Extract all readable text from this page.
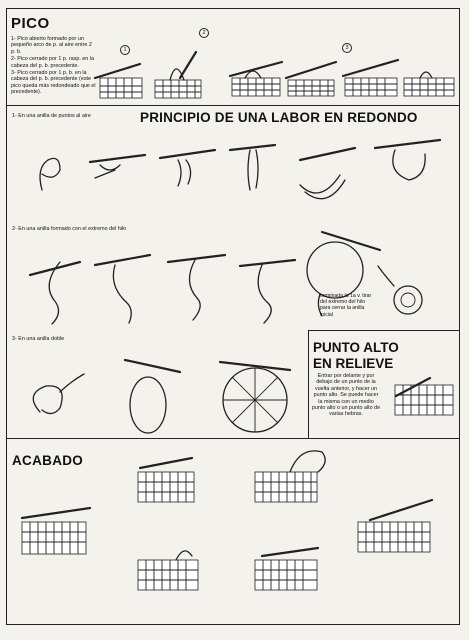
PICO
1- Pico abierto formado por un pequeño arco de p. al aire entre 2 p. b.
2- Pico cerrado por 1 p. rasp. en la cabeza del p. b. precedente.
3- Pico cerrado por 1 p. b. en la cabeza del p. b. precedente (este pico queda más redondeado que el precedente).
1
2
3
PRINCIPIO DE UNA LABOR EN REDONDO
1- En una anilla de puntos al aire
2- En una anilla formado con el extremo del hilo
3- En una anilla doble
terminada la 1a v. tirar del extremo del hilo para cerrar la anilla inicial
PUNTO ALTO
EN RELIEVE
Entrar por delante y por debajo de un punto de la vuelta anterior, y hacer un punto alto. Se puede hacer la misma con un medio punto alto o un punto alto de varias hebras.
ACABADO
